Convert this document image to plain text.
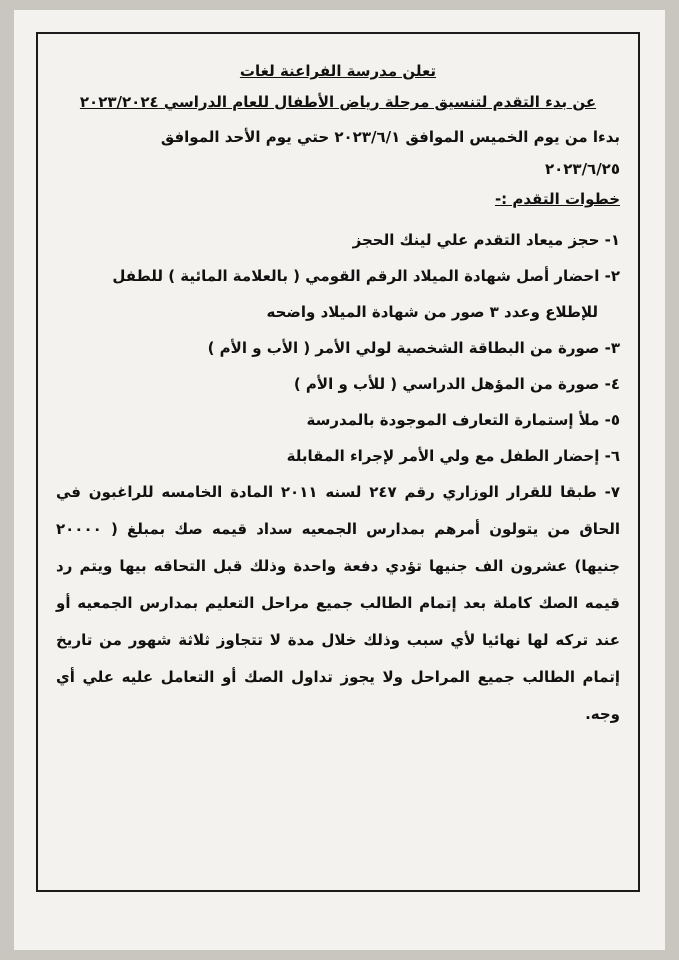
تعلن مدرسة الفراعنة لغات
عن بدء التقدم لتنسيق مرحلة رياض الأطفال للعام الدراسي ٢٠٢٣/٢٠٢٤

بدءا من يوم الخميس الموافق ٢٠٢٣/٦/١ حتي يوم الأحد الموافق

٢٠٢٣/٦/٢٥

خطوات التقدم :-

١- حجز ميعاد التقدم علي لينك الحجز

٢- احضار أصل شهادة الميلاد الرقم القومي ( بالعلامة المائية ) للطفل

للإطلاع وعدد ٣ صور من شهادة الميلاد واضحه

٣- صورة من البطاقة الشخصية لولي الأمر ( الأب و الأم )

٤- صورة من المؤهل الدراسي ( للأب و الأم )

٥- ملأ إستمارة التعارف الموجودة بالمدرسة

٦- إحضار الطفل مع ولي الأمر لإجراء المقابلة

٧- طبقا للقرار الوزاري رقم ٢٤٧ لسنه ٢٠١١ المادة الخامسه للراغبون في الحاق من يتولون أمرهم بمدارس الجمعيه سداد قيمه صك بمبلغ ( ٢٠٠٠٠ جنيها) عشرون الف جنيها تؤدي دفعة واحدة وذلك قبل التحاقه بيها ويتم رد قيمه الصك كاملة بعد إتمام الطالب جميع مراحل التعليم بمدارس الجمعيه أو عند تركه لها نهائيا لأي سبب وذلك خلال مدة لا تتجاوز ثلاثة شهور من تاريخ إتمام الطالب جميع المراحل ولا يجوز تداول الصك أو التعامل عليه علي أي وجه.
